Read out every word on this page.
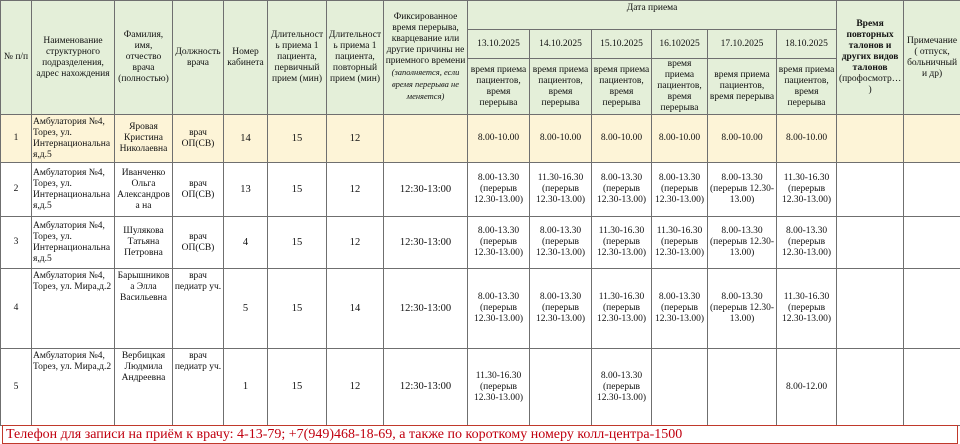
№ п/п	Наименование структурного подразделения, адрес нахождения	Фамилия, имя, отчество врача (полностью)	Должность врача	Номер кабинета	Длительность приема 1 пациента, первичный прием (мин)	Длительность приема 1 пациента, повторный прием (мин)	Фиксированное время перерыва, кварцевание или другие причины не приемного времени (заполняется, если время перерыва не меняется)	Дата приема						Время повторных талонов и других видов талонов (профосмотр…)	Примечание ( отпуск, больничный и др)
								13.10.2025	14.10.2025	15.10.2025	16.102025	17.10.2025	18.10.2025		
								время приема пациентов, время перерыва	время приема пациентов, время перерыва	время приема пациентов, время перерыва	время приема пациентов, время перерыва	время приема пациентов, время перерыва	время приема пациентов, время перерыва		
1	Амбулатория №4, Торез, ул. Интернациональная,д.5	Яровая Кристина Николаевна	врач ОП(СВ)	14	15	12		8.00-10.00	8.00-10.00	8.00-10.00	8.00-10.00	8.00-10.00	8.00-10.00		
2	Амбулатория №4, Торез, ул. Интернациональная,д.5	Иванченко Ольга Александрова на	врач ОП(СВ)	13	15	12	12:30-13:00	8.00-13.30 (перерыв 12.30-13.00)	11.30-16.30 (перерыв 12.30-13.00)	8.00-13.30 (перерыв 12.30-13.00)	8.00-13.30 (перерыв 12.30-13.00)	8.00-13.30 (перерыв 12.30-13.00)	11.30-16.30 (перерыв 12.30-13.00)		
3	Амбулатория №4, Торез, ул. Интернациональная,д.5	Шулякова Татьяна Петровна	врач ОП(СВ)	4	15	12	12:30-13:00	8.00-13.30 (перерыв 12.30-13.00)	8.00-13.30 (перерыв 12.30-13.00)	11.30-16.30 (перерыв 12.30-13.00)	11.30-16.30 (перерыв 12.30-13.00)	8.00-13.30 (перерыв 12.30-13.00)	8.00-13.30 (перерыв 12.30-13.00)		
4	Амбулатория №4, Торез, ул. Мира,д.2	Барышникова Элла Васильевна	врач педиатр уч.	5	15	14	12:30-13:00	8.00-13.30 (перерыв 12.30-13.00)	8.00-13.30 (перерыв 12.30-13.00)	11.30-16.30 (перерыв 12.30-13.00)	8.00-13.30 (перерыв 12.30-13.00)	8.00-13.30 (перерыв 12.30-13.00)	11.30-16.30 (перерыв 12.30-13.00)		
5	Амбулатория №4, Торез, ул. Мира,д.2	Вербицкая Людмила Андреевна	врач педиатр уч.	1	15	12	12:30-13:00	11.30-16.30 (перерыв 12.30-13.00)		8.00-13.30 (перерыв 12.30-13.00)			8.00-12.00		
Телефон для записи на приём к врачу: 4-13-79; +7(949)468-18-69, а также по короткому номеру колл-центра-1500
